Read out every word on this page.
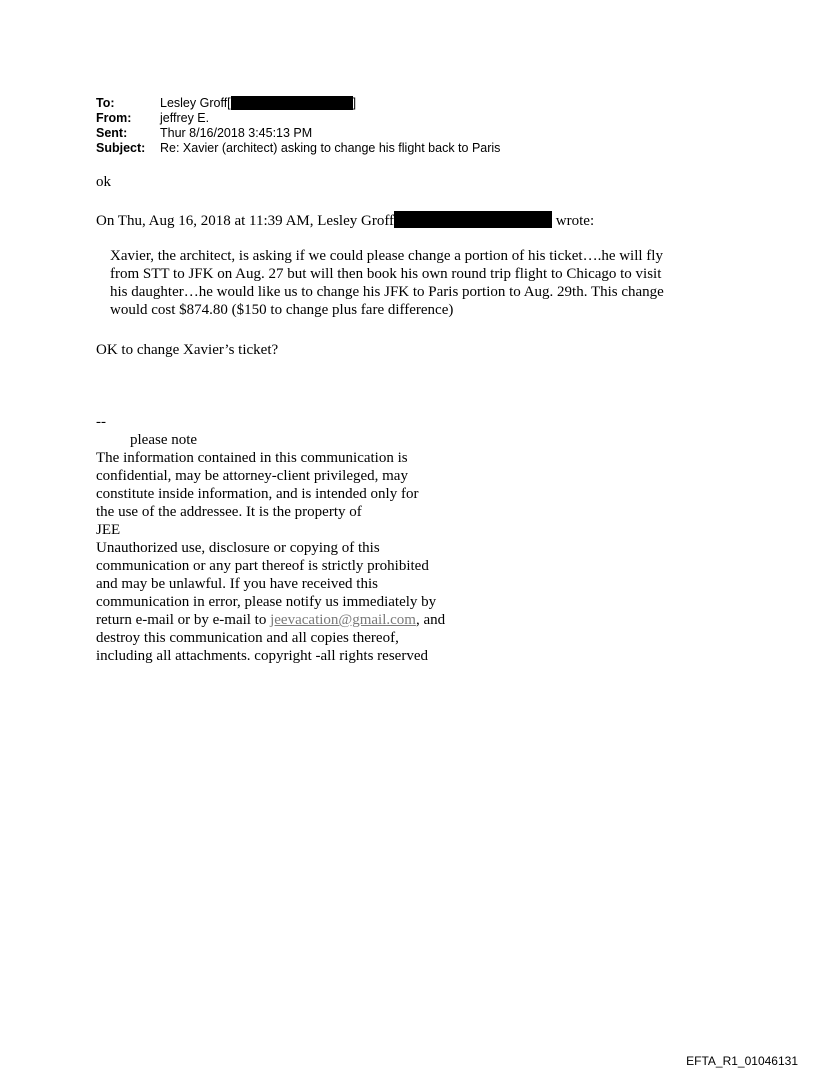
To:	Lesley Groff[	]
From:	jeffrey E.
Sent:	Thur 8/16/2018 3:45:13 PM
Subject:	Re: Xavier (architect) asking to change his flight back to Paris
ok
On Thu, Aug 16, 2018 at 11:39 AM, Lesley Groff	wrote:
Xavier, the architect, is asking if we could please change a portion of his ticket….he will fly
from STT to JFK on Aug. 27 but will then book his own round trip flight to Chicago to visit
his daughter…he would like us to change his JFK to Paris portion to Aug. 29th. This change
would cost $874.80 ($150 to change plus fare difference)
OK to change Xavier’s ticket?
--
please note
The information contained in this communication is
confidential, may be attorney-client privileged, may
constitute inside information, and is intended only for
the use of the addressee. It is the property of
JEE
Unauthorized use, disclosure or copying of this
communication or any part thereof is strictly prohibited
and may be unlawful. If you have received this
communication in error, please notify us immediately by
return e-mail or by e-mail to jeevacation@gmail.com, and
destroy this communication and all copies thereof,
including all attachments. copyright -all rights reserved
EFTA_R1_01046131
